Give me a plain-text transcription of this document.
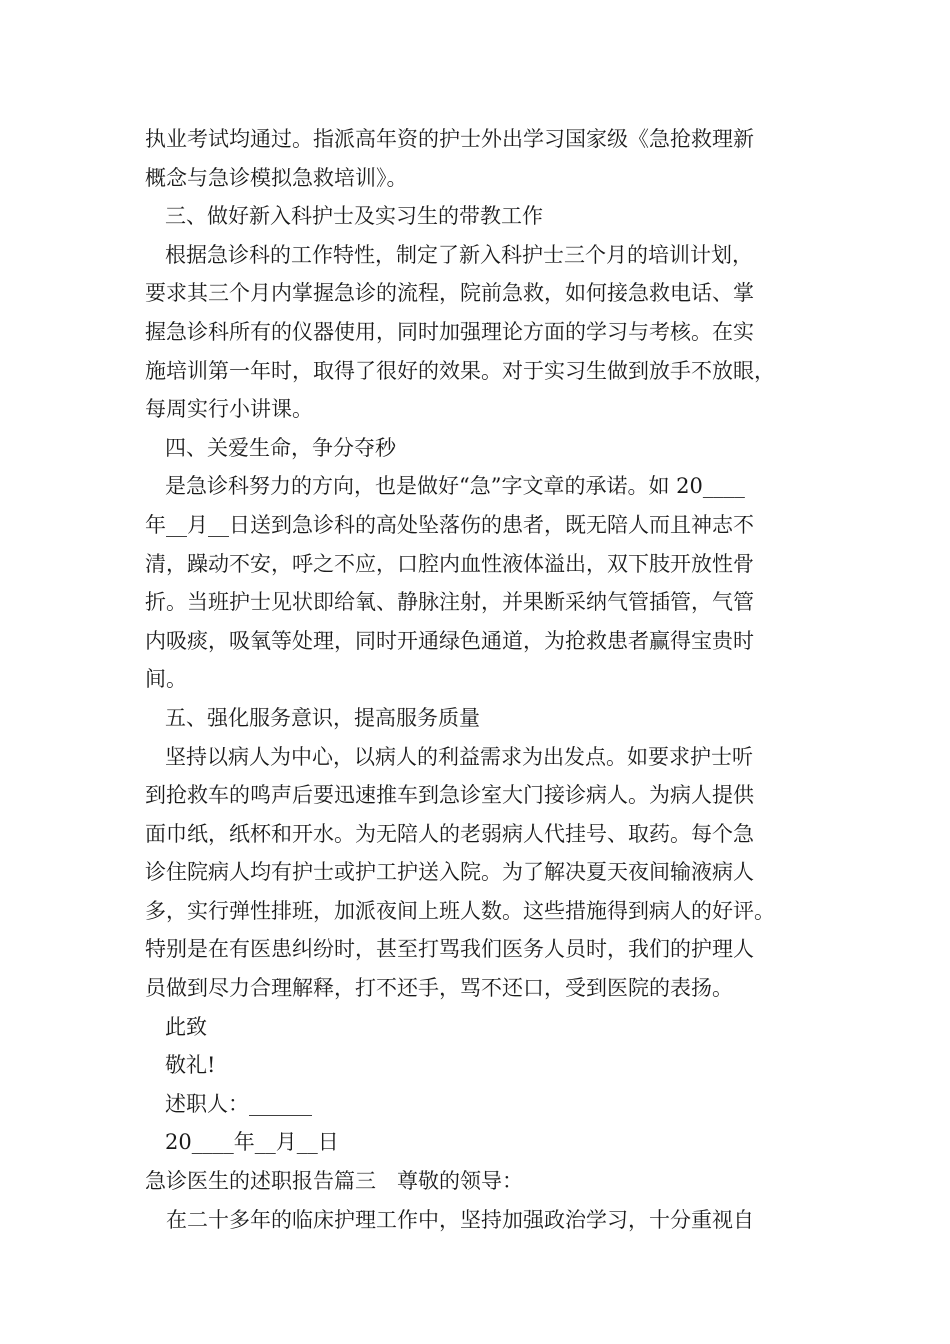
执业考试均通过。指派高年资的护士外出学习国家级《急抢救理新
概念与急诊模拟急救培训》。
三、做好新入科护士及实习生的带教工作
根据急诊科的工作特性，制定了新入科护士三个月的培训计划，
要求其三个月内掌握急诊的流程，院前急救，如何接急救电话、掌
握急诊科所有的仪器使用，同时加强理论方面的学习与考核。在实
施培训第一年时，取得了很好的效果。对于实习生做到放手不放眼，
每周实行小讲课。
四、关爱生命，争分夺秒
是急诊科努力的方向，也是做好“急”字文章的承诺。如 20____
年__月__日送到急诊科的高处坠落伤的患者，既无陪人而且神志不
清，躁动不安，呼之不应，口腔内血性液体溢出，双下肢开放性骨
折。当班护士见状即给氧、静脉注射，并果断采纳气管插管，气管
内吸痰，吸氧等处理，同时开通绿色通道，为抢救患者赢得宝贵时
间。
五、强化服务意识，提高服务质量
坚持以病人为中心，以病人的利益需求为出发点。如要求护士听
到抢救车的鸣声后要迅速推车到急诊室大门接诊病人。为病人提供
面巾纸，纸杯和开水。为无陪人的老弱病人代挂号、取药。每个急
诊住院病人均有护士或护工护送入院。为了解决夏天夜间输液病人
多，实行弹性排班，加派夜间上班人数。这些措施得到病人的好评。
特别是在有医患纠纷时，甚至打骂我们医务人员时，我们的护理人
员做到尽力合理解释，打不还手，骂不还口，受到医院的表扬。
此致
敬礼!
述职人：______
20____年__月__日
急诊医生的述职报告篇三　尊敬的领导：
在二十多年的临床护理工作中，坚持加强政治学习，十分重视自
